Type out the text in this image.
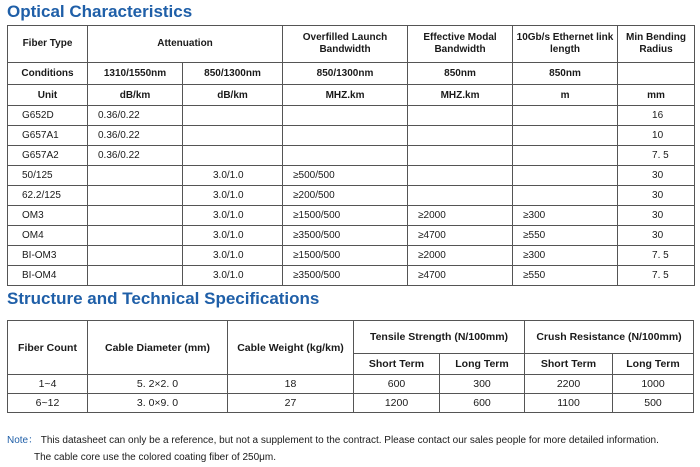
Optical Characteristics
Fiber Type	Attenuation		Overfilled Launch Bandwidth	Effective Modal Bandwidth	10Gb/s Ethernet link length	Min Bending Radius
Conditions	1310/1550nm	850/1300nm	850/1300nm	850nm	850nm	
Unit	dB/km	dB/km	MHZ.km	MHZ.km	m	mm
G652D	0.36/0.22					16
G657A1	0.36/0.22					10
G657A2	0.36/0.22					7. 5
50/125		3.0/1.0	≥500/500			30
62.2/125		3.0/1.0	≥200/500			30
OM3		3.0/1.0	≥1500/500	≥2000	≥300	30
OM4		3.0/1.0	≥3500/500	≥4700	≥550	30
BI-OM3		3.0/1.0	≥1500/500	≥2000	≥300	7. 5
BI-OM4		3.0/1.0	≥3500/500	≥4700	≥550	7. 5
Structure and Technical Specifications
Fiber Count	Cable Diameter (mm)	Cable Weight (kg/km)	Tensile Strength (N/100mm)		Crush Resistance (N/100mm)	
			Short Term	Long Term	Short Term	Long Term
1~4	5. 2×2. 0	18	600	300	2200	1000
6~12	3. 0×9. 0	27	1200	600	1100	500
Note： This datasheet can only be a reference, but not a supplement to the contract. Please contact our sales people for more detailed information.
The cable core use the colored coating fiber of 250μm.
